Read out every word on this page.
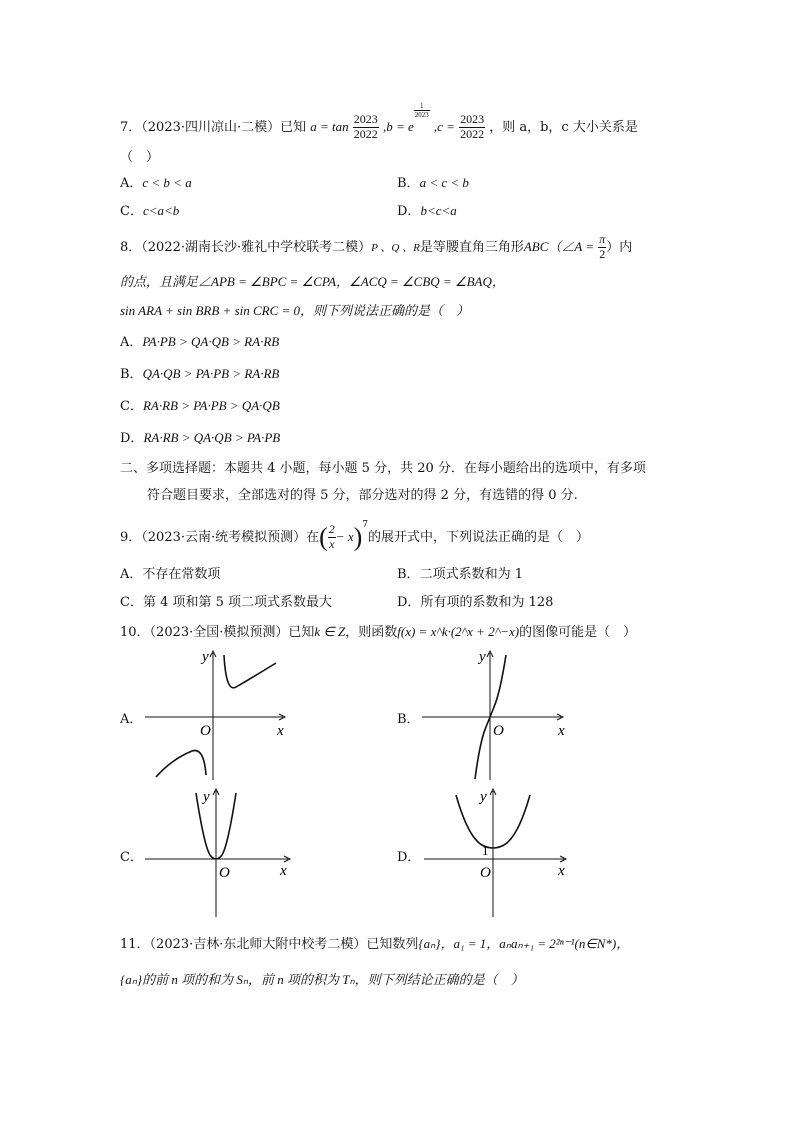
7．（2023·四川凉山·二模）已知 $a = \tan \frac{2023}{2022} ,b = e$
$\frac{1}{2023}$
$,c = \frac{2023}{2022}$ ，则 a，b，c 大小关系是
（　）
A．c < b < a	B．a < c < b
C．c<a<b	D．b<c<a
8．（2022·湖南长沙·雅礼中学校联考二模）P 、Q 、R是等腰直角三角形ABC（∠A = $\frac{\pi}{2}$ ）内
的点，且满足∠APB = ∠BPC = ∠CPA，∠ACQ = ∠CBQ = ∠BAQ，
sin ARA + sin BRB + sin CRC = 0，则下列说法正确的是（　）
A．PA·PB > QA·QB > RA·RB
B．QA·QB > PA·PB > RA·RB
C．RA·RB > PA·PB > QA·QB
D．RA·RB > QA·QB > PA·PB
二、多项选择题：本题共 4 小题，每小题 5 分，共 20 分．在每小题给出的选项中，有多项
符合题目要求，全部选对的得 5 分，部分选对的得 2 分，有选错的得 0 分.
9．（2023·云南·统考模拟预测）在( $\frac{2}{x} - x)^7$的展开式中，下列说法正确的是（　）
A．不存在常数项	B．二项式系数和为 1
C．第 4 项和第 5 项二项式系数最大	D．所有项的系数和为 128
10．（2023·全国·模拟预测）已知k ∈ Z，则函数f(x) = x^k·(2^x + 2^−x)的图像可能是（　）
A．	B．
C．	D．
y
x
O
y
x
O
y
x
O
y
x
O
1
11．（2023·吉林·东北师大附中校考二模）已知数列{aₙ}，a₁ = 1，aₙaₙ₊₁ = 2²ⁿ⁻¹(n∈N*)，
{aₙ}的前 n 项的和为 Sₙ，前 n 项的积为 Tₙ，则下列结论正确的是（　）
